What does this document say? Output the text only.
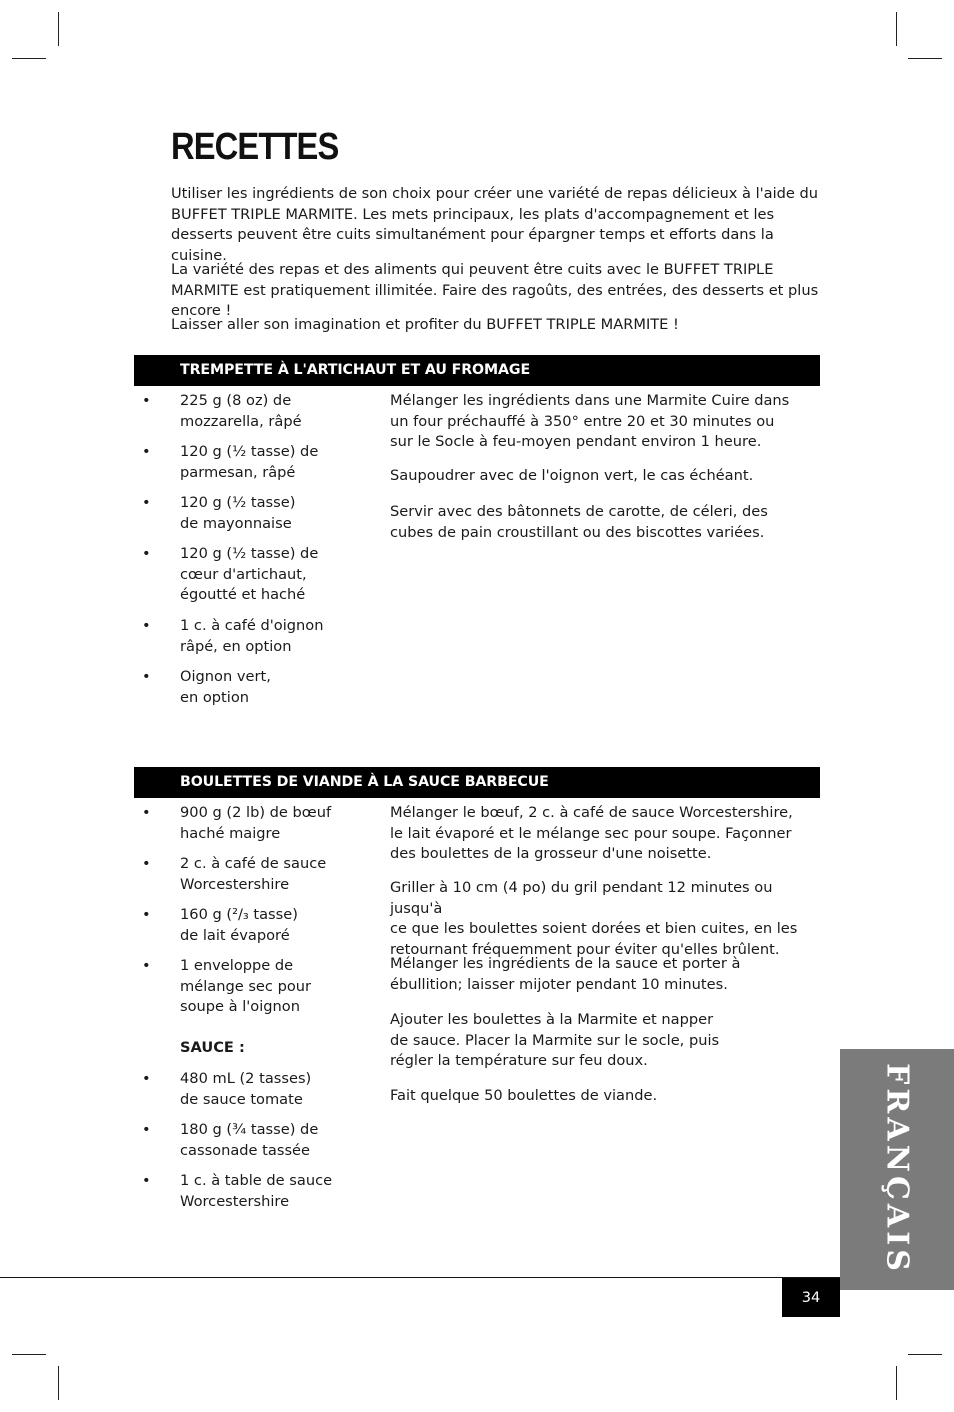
RECETTES

Utiliser les ingrédients de son choix pour créer une variété de repas délicieux à l'aide du BUFFET TRIPLE MARMITE. Les mets principaux, les plats d'accompagnement et les desserts peuvent être cuits simultanément pour épargner temps et efforts dans la cuisine.

La variété des repas et des aliments qui peuvent être cuits avec le BUFFET TRIPLE MARMITE est pratiquement illimitée. Faire des ragoûts, des entrées, des desserts et plus encore !

Laisser aller son imagination et profiter du BUFFET TRIPLE MARMITE !

TREMPETTE À L'ARTICHAUT ET AU FROMAGE
• 225 g (8 oz) de
mozzarella, râpé
• 120 g (½ tasse) de
parmesan, râpé
• 120 g (½ tasse)
de mayonnaise
• 120 g (½ tasse) de
cœur d'artichaut,
égoutté et haché
• 1 c. à café d'oignon
râpé, en option
• Oignon vert,
en option

Mélanger les ingrédients dans une Marmite Cuire dans
un four préchauffé à 350° entre 20 et 30 minutes ou
sur le Socle à feu-moyen pendant environ 1 heure.

Saupoudrer avec de l'oignon vert, le cas échéant.

Servir avec des bâtonnets de carotte, de céleri, des
cubes de pain croustillant ou des biscottes variées.

BOULETTES DE VIANDE À LA SAUCE BARBECUE
• 900 g (2 lb) de bœuf
haché maigre
• 2 c. à café de sauce
Worcestershire
• 160 g (²/₃ tasse)
de lait évaporé
• 1 enveloppe de
mélange sec pour
soupe à l'oignon
SAUCE :
• 480 mL (2 tasses)
de sauce tomate
• 180 g (¾ tasse) de
cassonade tassée
• 1 c. à table de sauce
Worcestershire

Mélanger le bœuf, 2 c. à café de sauce Worcestershire,
le lait évaporé et le mélange sec pour soupe. Façonner
des boulettes de la grosseur d'une noisette.

Griller à 10 cm (4 po) du gril pendant 12 minutes ou jusqu'à
ce que les boulettes soient dorées et bien cuites, en les
retournant fréquemment pour éviter qu'elles brûlent.

Mélanger les ingrédients de la sauce et porter à
ébullition; laisser mijoter pendant 10 minutes.

Ajouter les boulettes à la Marmite et napper
de sauce. Placer la Marmite sur le socle, puis
régler la température sur feu doux.

Fait quelque 50 boulettes de viande.	FRANÇAIS
34
